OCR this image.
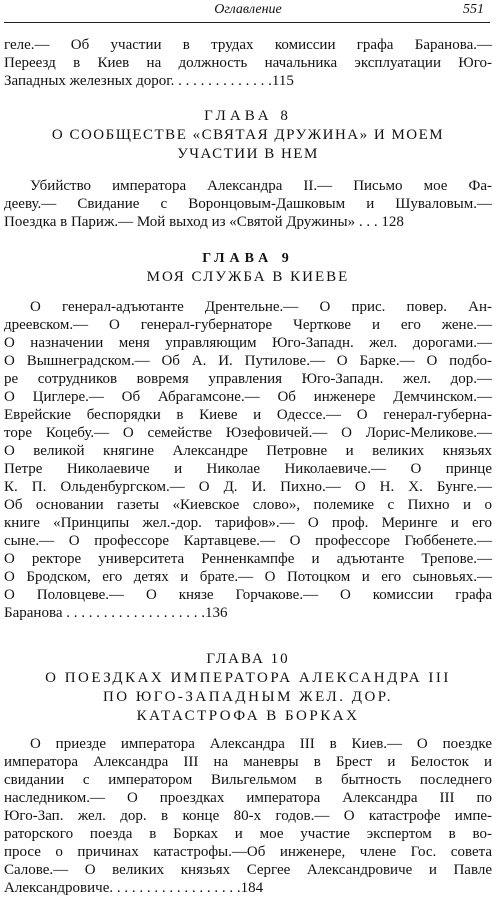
Оглавление	551

геле.— Об участии в трудах комиссии графа Баранова.—

Переезд в Киев на должность начальника эксплуатации Юго-

Западных железных дорог. . . . . . . . . . . . . .115

ГЛАВА 8
О СООБЩЕСТВЕ «СВЯТАЯ ДРУЖИНА» И МОЕМ
УЧАСТИИ В НЕМ

Убийство императора Александра II.— Письмо мое Фа-

дееву.— Свидание с Воронцовым-Дашковым и Шуваловым.—

Поездка в Париж.— Мой выход из «Святой Дружины» . . . 128

ГЛАВА 9
МОЯ СЛУЖБА В КИЕВЕ

О генерал-адъютанте Дрентельне.— О прис. повер. Ан-

дреевском.— О генерал-губернаторе Черткове и его жене.—

О назначении меня управляющим Юго-Западн. жел. дорогами.—

О Вышнеградском.— Об А. И. Путилове.— О Барке.— О подбо-

ре сотрудников вовремя управления Юго-Западн. жел. дор.—

О Циглере.— Об Абрагамсоне.— Об инженере Демчинском.—

Еврейские беспорядки в Киеве и Одессе.— О генерал-губерна-

торе Коцебу.— О семействе Юзефовичей.— О Лорис-Меликове.—

О великой княгине Александре Петровне и великих князьях

Петре Николаевиче и Николае Николаевиче.— О принце

К. П. Ольденбургском.— О Д. И. Пихно.— О Н. Х. Бунге.—

Об основании газеты «Киевское слово», полемике с Пихно и о

книге «Принципы жел.-дор. тарифов».— О проф. Меринге и его

сыне.— О профессоре Картавцеве.— О профессоре Гюббенете.—

О ректоре университета Ренненкампфе и адъютанте Трепове.—

О Бродском, его детях и брате.— О Потоцком и его сыновьях.—

О Половцеве.— О князе Горчакове.— О комиссии графа

Баранова . . . . . . . . . . . . . . . . . . .136

ГЛАВА 10
О ПОЕЗДКАХ ИМПЕРАТОРА АЛЕКСАНДРА III
ПО ЮГО-ЗАПАДНЫМ ЖЕЛ. ДОР.
КАТАСТРОФА В БОРКАХ

О приезде императора Александра III в Киев.— О поездке

императора Александра III на маневры в Брест и Белосток и

свидании с императором Вильгельмом в бытность последнего

наследником.— О проездках императора Александра III по

Юго-Зап. жел. дор. в конце 80-х годов.— О катастрофе импе-

раторского поезда в Борках и мое участие экспертом в во-

просе о причинах катастрофы.—Об инженере, члене Гос. совета

Салове.— О великих князьях Сергее Александровиче и Павле

Александровиче. . . . . . . . . . . . . . . . . .184
